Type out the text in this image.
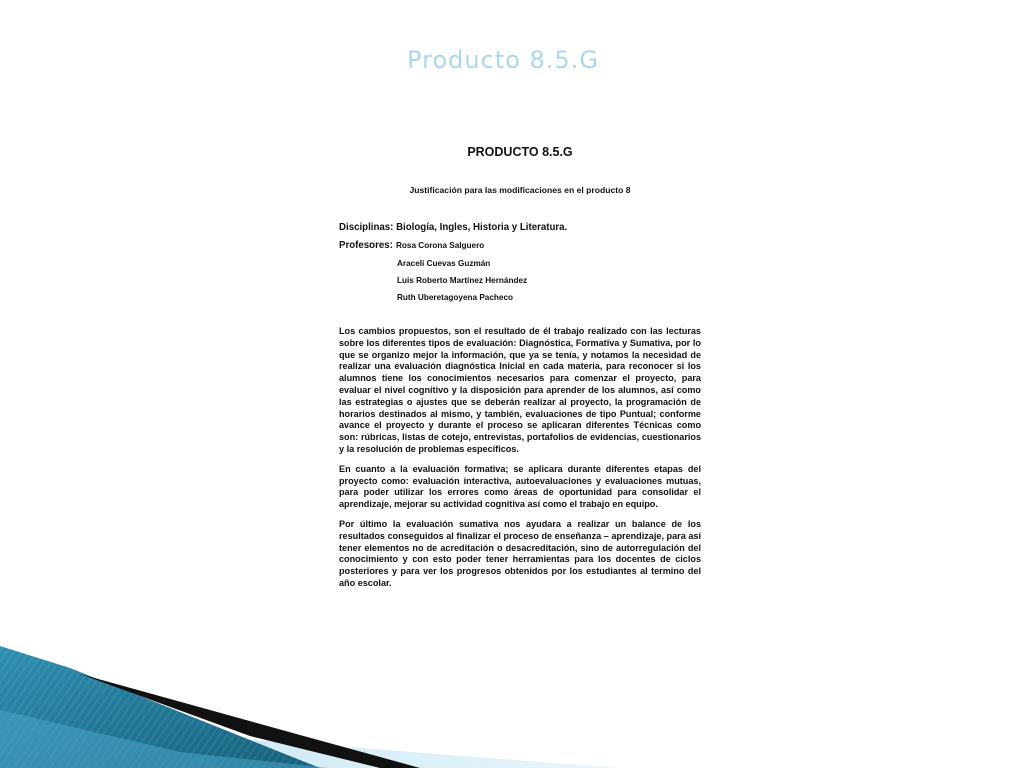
Producto 8.5.G
PRODUCTO 8.5.G
Justificación para las modificaciones en el producto 8
Disciplinas: Biología, Ingles, Historia y Literatura.
Profesores: Rosa Corona Salguero
Araceli Cuevas Guzmán
Luis Roberto Martínez Hernández
Ruth Uberetagoyena Pacheco

Los cambios propuestos, son el resultado de él trabajo realizado con las lecturas sobre los diferentes tipos de evaluación: Diagnóstica, Formativa y Sumativa, por lo que se organizo mejor la información, que ya se tenía, y notamos la necesidad de realizar una evaluación diagnóstica Inicial en cada materia, para reconocer si los alumnos tiene los conocimientos necesarios para comenzar el proyecto, para evaluar el nivel cognitivo y la disposición para aprender de los alumnos, así como las estrategias o ajustes que se deberán realizar al proyecto, la programación de horarios destinados al mismo, y también, evaluaciones de tipo Puntual; conforme avance el proyecto y durante el proceso se aplicaran diferentes Técnicas como son: rúbricas, listas de cotejo, entrevistas, portafolios de evidencias, cuestionarios y la resolución de problemas específicos.

En cuanto a la evaluación formativa; se aplicara durante diferentes etapas del proyecto como: evaluación interactiva, autoevaluaciones y evaluaciones mutuas, para poder utilizar los errores como áreas de oportunidad para consolidar el aprendizaje, mejorar su actividad cognitiva así como el trabajo en equipo.

Por último la evaluación sumativa nos ayudara a realizar un balance de los resultados conseguidos al finalizar el proceso de enseñanza – aprendizaje, para así tener elementos no de acreditación o desacreditación, sino de autorregulación del conocimiento y con esto poder tener herramientas para los docentes de ciclos posteriores y para ver los progresos obtenidos por los estudiantes al termino del año escolar.
